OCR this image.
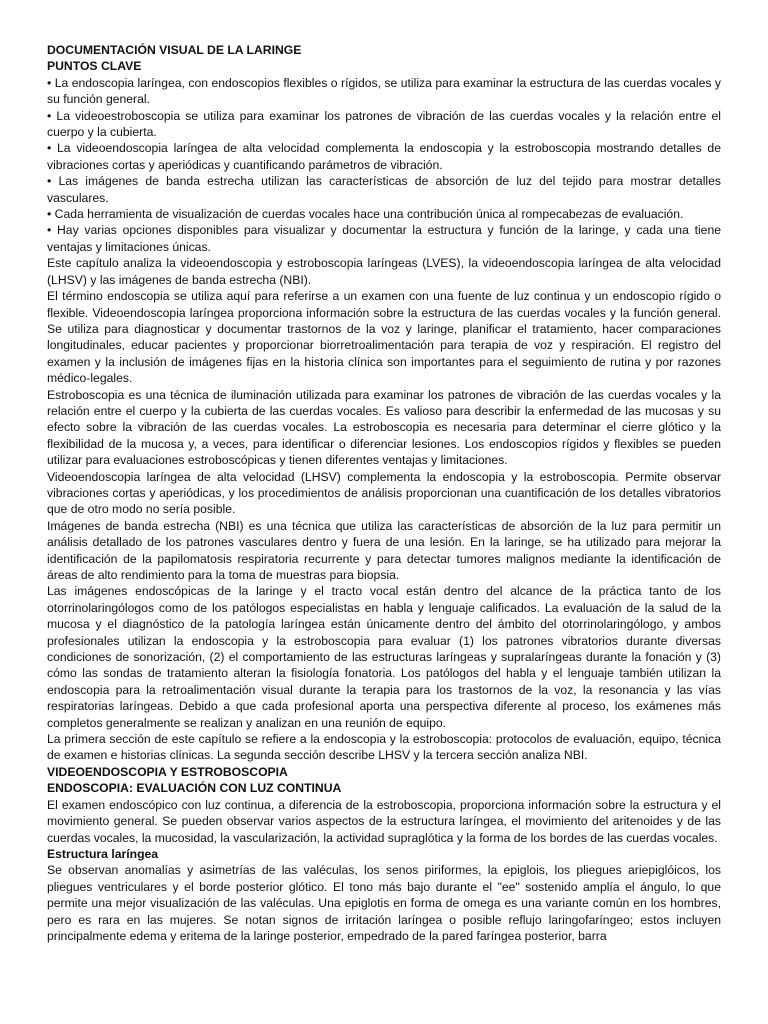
DOCUMENTACIÓN VISUAL DE LA LARINGE

PUNTOS CLAVE

• La endoscopia laríngea, con endoscopios flexibles o rígidos, se utiliza para examinar la estructura de las cuerdas vocales y su función general.

• La videoestroboscopia se utiliza para examinar los patrones de vibración de las cuerdas vocales y la relación entre el cuerpo y la cubierta.

• La videoendoscopia laríngea de alta velocidad complementa la endoscopia y la estroboscopia mostrando detalles de vibraciones cortas y aperiódicas y cuantificando parámetros de vibración.

• Las imágenes de banda estrecha utilizan las características de absorción de luz del tejido para mostrar detalles vasculares.

• Cada herramienta de visualización de cuerdas vocales hace una contribución única al rompecabezas de evaluación.

• Hay varias opciones disponibles para visualizar y documentar la estructura y función de la laringe, y cada una tiene ventajas y limitaciones únicas.

Este capítulo analiza la videoendoscopia y estroboscopia laríngeas (LVES), la videoendoscopia laríngea de alta velocidad (LHSV) y las imágenes de banda estrecha (NBI).

El término endoscopia se utiliza aquí para referirse a un examen con una fuente de luz continua y un endoscopio rígido o flexible. Videoendoscopia laríngea proporciona información sobre la estructura de las cuerdas vocales y la función general. Se utiliza para diagnosticar y documentar trastornos de la voz y laringe, planificar el tratamiento, hacer comparaciones longitudinales, educar pacientes y proporcionar biorretroalimentación para terapia de voz y respiración. El registro del examen y la inclusión de imágenes fijas en la historia clínica son importantes para el seguimiento de rutina y por razones médico-legales.

Estroboscopia es una técnica de iluminación utilizada para examinar los patrones de vibración de las cuerdas vocales y la relación entre el cuerpo y la cubierta de las cuerdas vocales. Es valioso para describir la enfermedad de las mucosas y su efecto sobre la vibración de las cuerdas vocales. La estroboscopia es necesaria para determinar el cierre glótico y la flexibilidad de la mucosa y, a veces, para identificar o diferenciar lesiones. Los endoscopios rígidos y flexibles se pueden utilizar para evaluaciones estroboscópicas y tienen diferentes ventajas y limitaciones.

Videoendoscopia laríngea de alta velocidad (LHSV) complementa la endoscopia y la estroboscopia. Permite observar vibraciones cortas y aperiódicas, y los procedimientos de análisis proporcionan una cuantificación de los detalles vibratorios que de otro modo no sería posible.

Imágenes de banda estrecha (NBI) es una técnica que utiliza las características de absorción de la luz para permitir un análisis detallado de los patrones vasculares dentro y fuera de una lesión. En la laringe, se ha utilizado para mejorar la identificación de la papilomatosis respiratoria recurrente y para detectar tumores malignos mediante la identificación de áreas de alto rendimiento para la toma de muestras para biopsia.

Las imágenes endoscópicas de la laringe y el tracto vocal están dentro del alcance de la práctica tanto de los otorrinolaringólogos como de los patólogos especialistas en habla y lenguaje calificados. La evaluación de la salud de la mucosa y el diagnóstico de la patología laríngea están únicamente dentro del ámbito del otorrinolaringólogo, y ambos profesionales utilizan la endoscopia y la estroboscopia para evaluar (1) los patrones vibratorios durante diversas condiciones de sonorización, (2) el comportamiento de las estructuras laríngeas y supralaríngeas durante la fonación y (3) cómo las sondas de tratamiento alteran la fisiología fonatoria. Los patólogos del habla y el lenguaje también utilizan la endoscopia para la retroalimentación visual durante la terapia para los trastornos de la voz, la resonancia y las vías respiratorias laríngeas. Debido a que cada profesional aporta una perspectiva diferente al proceso, los exámenes más completos generalmente se realizan y analizan en una reunión de equipo.

La primera sección de este capítulo se refiere a la endoscopia y la estroboscopia: protocolos de evaluación, equipo, técnica de examen e historias clínicas. La segunda sección describe LHSV y la tercera sección analiza NBI.

VIDEOENDOSCOPIA Y ESTROBOSCOPIA

ENDOSCOPIA: EVALUACIÓN CON LUZ CONTINUA

El examen endoscópico con luz continua, a diferencia de la estroboscopia, proporciona información sobre la estructura y el movimiento general. Se pueden observar varios aspectos de la estructura laríngea, el movimiento del aritenoides y de las cuerdas vocales, la mucosidad, la vascularización, la actividad supraglótica y la forma de los bordes de las cuerdas vocales.

Estructura laríngea

Se observan anomalías y asimetrías de las valéculas, los senos piriformes, la epiglois, los pliegues ariepiglóicos, los pliegues ventriculares y el borde posterior glótico. El tono más bajo durante el "ee" sostenido amplía el ángulo, lo que permite una mejor visualización de las valéculas. Una epiglotis en forma de omega es una variante común en los hombres, pero es rara en las mujeres. Se notan signos de irritación laríngea o posible reflujo laringofaríngeo; estos incluyen principalmente edema y eritema de la laringe posterior, empedrado de la pared faríngea posterior, barra
